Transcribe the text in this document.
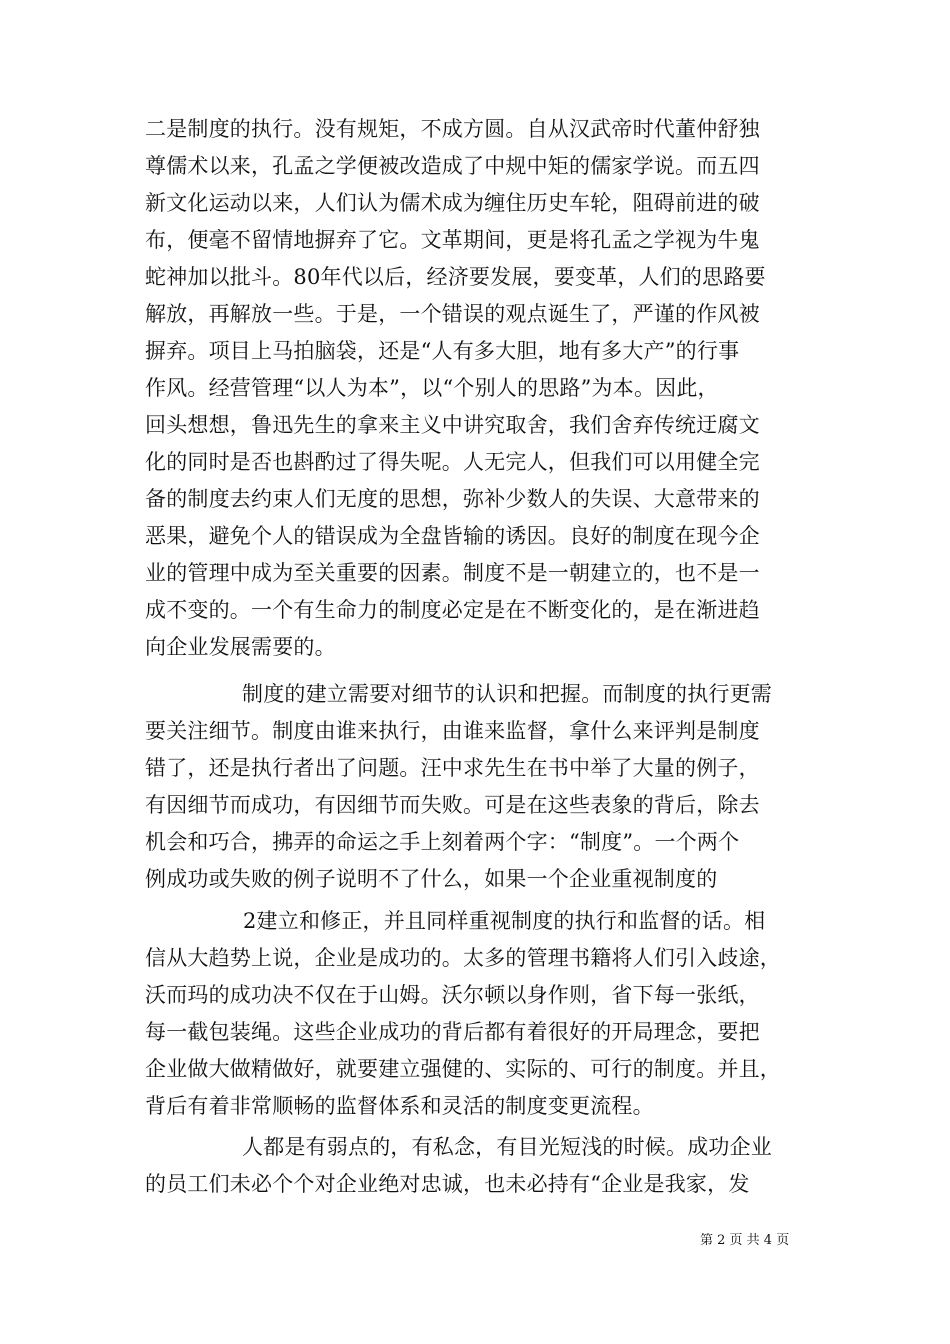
二是制度的执行。没有规矩，不成方圆。自从汉武帝时代董仲舒独
尊儒术以来，孔孟之学便被改造成了中规中矩的儒家学说。而五四
新文化运动以来，人们认为儒术成为缠住历史车轮，阻碍前进的破
布，便毫不留情地摒弃了它。文革期间，更是将孔孟之学视为牛鬼
蛇神加以批斗。80年代以后，经济要发展，要变革，人们的思路要
解放，再解放一些。于是，一个错误的观点诞生了，严谨的作风被
摒弃。项目上马拍脑袋，还是“人有多大胆，地有多大产”的行事
作风。经营管理“以人为本”，以“个别人的思路”为本。因此，
回头想想，鲁迅先生的拿来主义中讲究取舍，我们舍弃传统迂腐文
化的同时是否也斟酌过了得失呢。人无完人，但我们可以用健全完
备的制度去约束人们无度的思想，弥补少数人的失误、大意带来的
恶果，避免个人的错误成为全盘皆输的诱因。良好的制度在现今企
业的管理中成为至关重要的因素。制度不是一朝建立的，也不是一
成不变的。一个有生命力的制度必定是在不断变化的，是在渐进趋
向企业发展需要的。
制度的建立需要对细节的认识和把握。而制度的执行更需
要关注细节。制度由谁来执行，由谁来监督，拿什么来评判是制度
错了，还是执行者出了问题。汪中求先生在书中举了大量的例子，
有因细节而成功，有因细节而失败。可是在这些表象的背后，除去
机会和巧合，拂弄的命运之手上刻着两个字：“制度”。一个两个
例成功或失败的例子说明不了什么，如果一个企业重视制度的
2建立和修正，并且同样重视制度的执行和监督的话。相
信从大趋势上说，企业是成功的。太多的管理书籍将人们引入歧途，
沃而玛的成功决不仅在于山姆。沃尔顿以身作则，省下每一张纸，
每一截包装绳。这些企业成功的背后都有着很好的开局理念，要把
企业做大做精做好，就要建立强健的、实际的、可行的制度。并且，
背后有着非常顺畅的监督体系和灵活的制度变更流程。
人都是有弱点的，有私念，有目光短浅的时候。成功企业
的员工们未必个个对企业绝对忠诚，也未必持有“企业是我家，发
第 2 页 共 4 页
